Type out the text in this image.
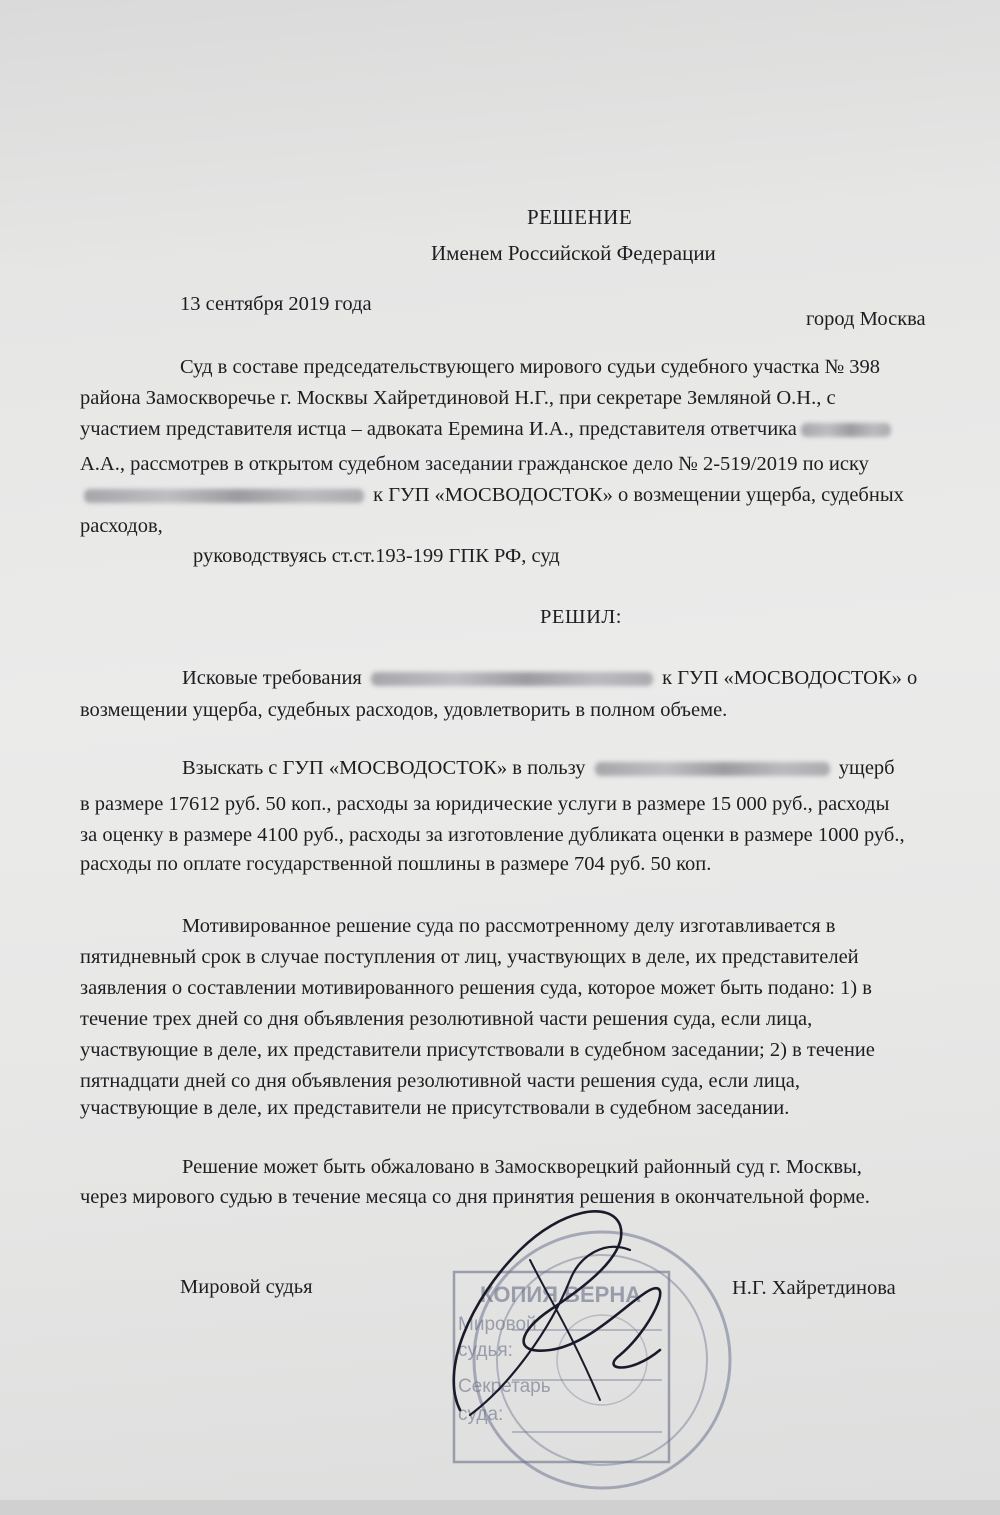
РЕШЕНИЕ
Именем Российской Федерации
13 сентября 2019 года
город Москва
Суд в составе председательствующего мирового судьи судебного участка № 398
района Замоскворечье г. Москвы Хайретдиновой Н.Г., при секретаре Земляной О.Н., с
участием представителя истца – адвоката Еремина И.А., представителя ответчика
А.А., рассмотрев в открытом судебном заседании гражданское дело № 2-519/2019 по иску
к ГУП «МОСВОДОСТОК» о возмещении ущерба, судебных
расходов,
руководствуясь ст.ст.193-199 ГПК РФ, суд
РЕШИЛ:
Исковые требования	к ГУП «МОСВОДОСТОК» о
возмещении ущерба, судебных расходов, удовлетворить в полном объеме.
Взыскать с ГУП «МОСВОДОСТОК» в пользу	ущерб
в размере 17612 руб. 50 коп., расходы за юридические услуги в размере 15 000 руб., расходы
за оценку в размере 4100 руб., расходы за изготовление дубликата оценки в размере 1000 руб.,
расходы по оплате государственной пошлины в размере 704 руб. 50 коп.
Мотивированное решение суда по рассмотренному делу изготавливается в
пятидневный срок в случае поступления от лиц, участвующих в деле, их представителей
заявления о составлении мотивированного решения суда, которое может быть подано: 1) в
течение трех дней со дня объявления резолютивной части решения суда, если лица,
участвующие в деле, их представители присутствовали в судебном заседании; 2) в течение
пятнадцати дней со дня объявления резолютивной части решения суда, если лица,
участвующие в деле, их представители не присутствовали в судебном заседании.
Решение может быть обжаловано в Замоскворецкий районный суд г. Москвы,
через мирового судью в течение месяца со дня принятия решения в окончательной форме.
Мировой судья	Н.Г. Хайретдинова
КОПИЯ ВЕРНА
Мировой
судья:
Секретарь
суда:
